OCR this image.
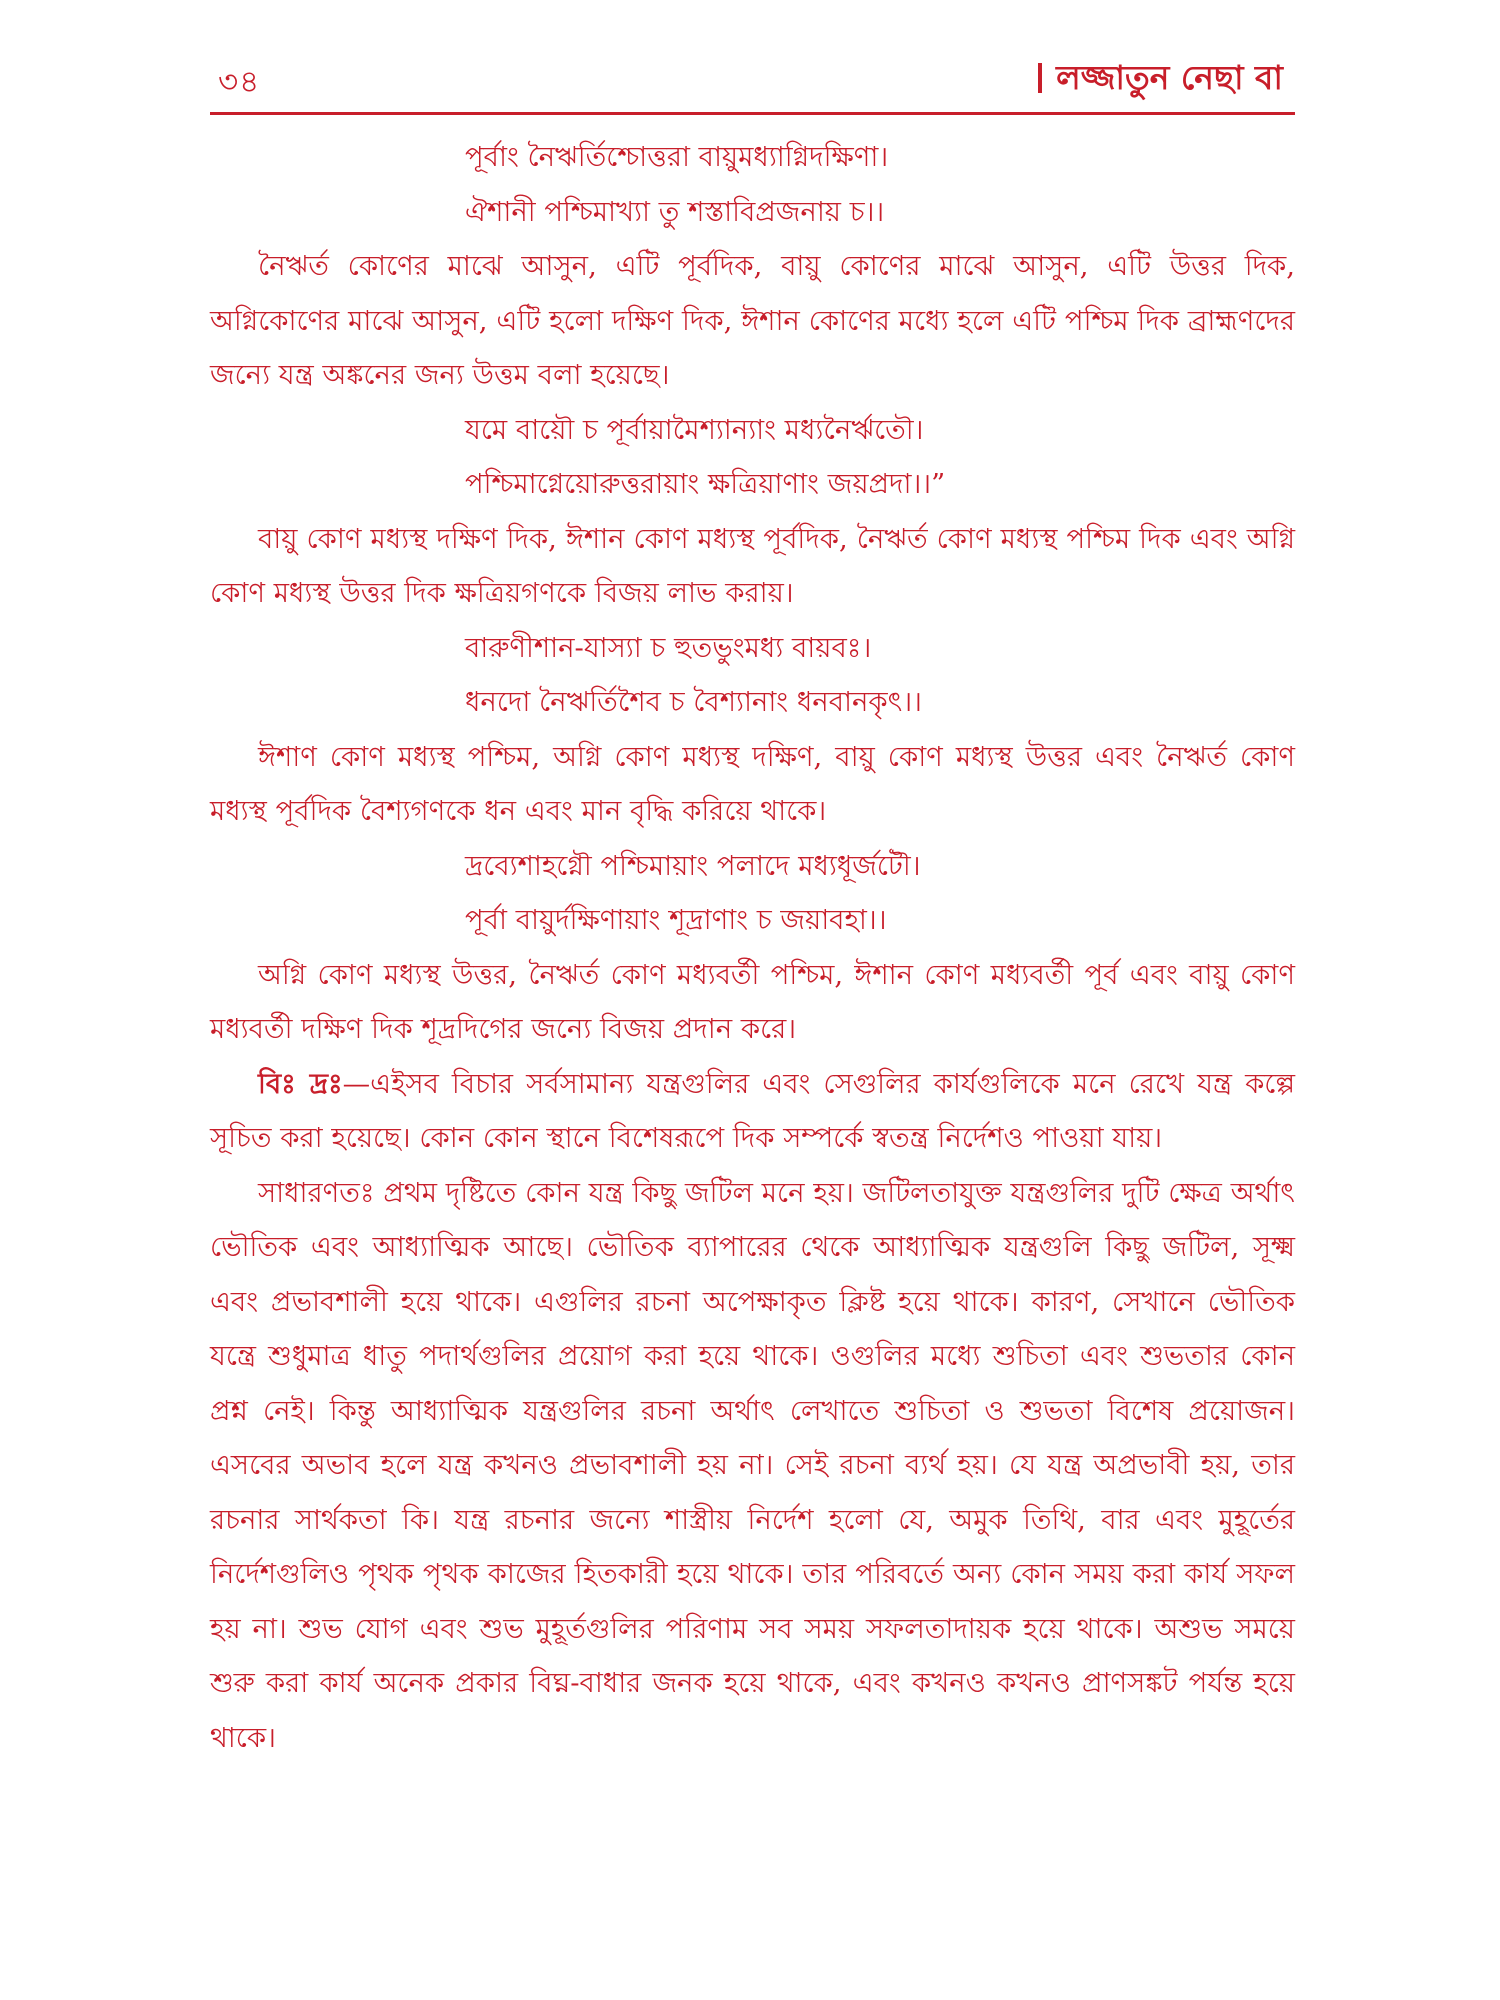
৩৪	লজ্জাতুন নেছা বা
পূর্বাং নৈঋর্তিশ্চোত্তরা বায়ুমধ্যাগ্নিদক্ষিণা।
ঐশানী পশ্চিমাখ্যা তু শস্তাবিপ্রজনায় চ।।
নৈঋর্ত কোণের মাঝে আসুন, এটি পূর্বদিক, বায়ু কোণের মাঝে আসুন, এটি উত্তর দিক, অগ্নিকোণের মাঝে আসুন, এটি হলো দক্ষিণ দিক, ঈশান কোণের মধ্যে হলে এটি পশ্চিম দিক ব্রাহ্মণদের জন্যে যন্ত্র অঙ্কনের জন্য উত্তম বলা হয়েছে।
যমে বায়ৌ চ পূর্বায়ামৈশ্যান্যাং মধ্যনৈর্ঋতৌ।
পশ্চিমাগ্নেয়োরুত্তরায়াং ক্ষত্রিয়াণাং জয়প্রদা।।”
বায়ু কোণ মধ্যস্থ দক্ষিণ দিক, ঈশান কোণ মধ্যস্থ পূর্বদিক, নৈঋর্ত কোণ মধ্যস্থ পশ্চিম দিক এবং অগ্নি কোণ মধ্যস্থ উত্তর দিক ক্ষত্রিয়গণকে বিজয় লাভ করায়।
বারুণীশান-যাস্যা চ হুতভুংমধ্য বায়বঃ।
ধনদো নৈঋর্তিশৈব চ বৈশ্যানাং ধনবানকৃৎ।।
ঈশাণ কোণ মধ্যস্থ পশ্চিম, অগ্নি কোণ মধ্যস্থ দক্ষিণ, বায়ু কোণ মধ্যস্থ উত্তর এবং নৈঋর্ত কোণ মধ্যস্থ পূর্বদিক বৈশ্যগণকে ধন এবং মান বৃদ্ধি করিয়ে থাকে।
দ্রব্যেশাহগ্নৌ পশ্চিমায়াং পলাদে মধ্যধূর্জটৌ।
পূর্বা বায়ুর্দক্ষিণায়াং শূদ্রাণাং চ জয়াবহা।।
অগ্নি কোণ মধ্যস্থ উত্তর, নৈঋর্ত কোণ মধ্যবর্তী পশ্চিম, ঈশান কোণ মধ্যবর্তী পূর্ব এবং বায়ু কোণ মধ্যবর্তী দক্ষিণ দিক শূদ্রদিগের জন্যে বিজয় প্রদান করে।
বিঃ দ্রঃ—এইসব বিচার সর্বসামান্য যন্ত্রগুলির এবং সেগুলির কার্যগুলিকে মনে রেখে যন্ত্র কল্পে সূচিত করা হয়েছে। কোন কোন স্থানে বিশেষরূপে দিক সম্পর্কে স্বতন্ত্র নির্দেশও পাওয়া যায়।
সাধারণতঃ প্রথম দৃষ্টিতে কোন যন্ত্র কিছু জটিল মনে হয়। জটিলতাযুক্ত যন্ত্রগুলির দুটি ক্ষেত্র অর্থাৎ ভৌতিক এবং আধ্যাত্মিক আছে। ভৌতিক ব্যাপারের থেকে আধ্যাত্মিক যন্ত্রগুলি কিছু জটিল, সূক্ষ্ম এবং প্রভাবশালী হয়ে থাকে। এগুলির রচনা অপেক্ষাকৃত ক্লিষ্ট হয়ে থাকে। কারণ, সেখানে ভৌতিক যন্ত্রে শুধুমাত্র ধাতু পদার্থগুলির প্রয়োগ করা হয়ে থাকে। ওগুলির মধ্যে শুচিতা এবং শুভতার কোন প্রশ্ন নেই। কিন্তু আধ্যাত্মিক যন্ত্রগুলির রচনা অর্থাৎ লেখাতে শুচিতা ও শুভতা বিশেষ প্রয়োজন। এসবের অভাব হলে যন্ত্র কখনও প্রভাবশালী হয় না। সেই রচনা ব্যর্থ হয়। যে যন্ত্র অপ্রভাবী হয়, তার রচনার সার্থকতা কি। যন্ত্র রচনার জন্যে শাস্ত্রীয় নির্দেশ হলো যে, অমুক তিথি, বার এবং মুহূর্তের নির্দেশগুলিও পৃথক পৃথক কাজের হিতকারী হয়ে থাকে। তার পরিবর্তে অন্য কোন সময় করা কার্য সফল হয় না। শুভ যোগ এবং শুভ মুহূর্তগুলির পরিণাম সব সময় সফলতাদায়ক হয়ে থাকে। অশুভ সময়ে শুরু করা কার্য অনেক প্রকার বিঘ্ন-বাধার জনক হয়ে থাকে, এবং কখনও কখনও প্রাণসঙ্কট পর্যন্ত হয়ে থাকে।
